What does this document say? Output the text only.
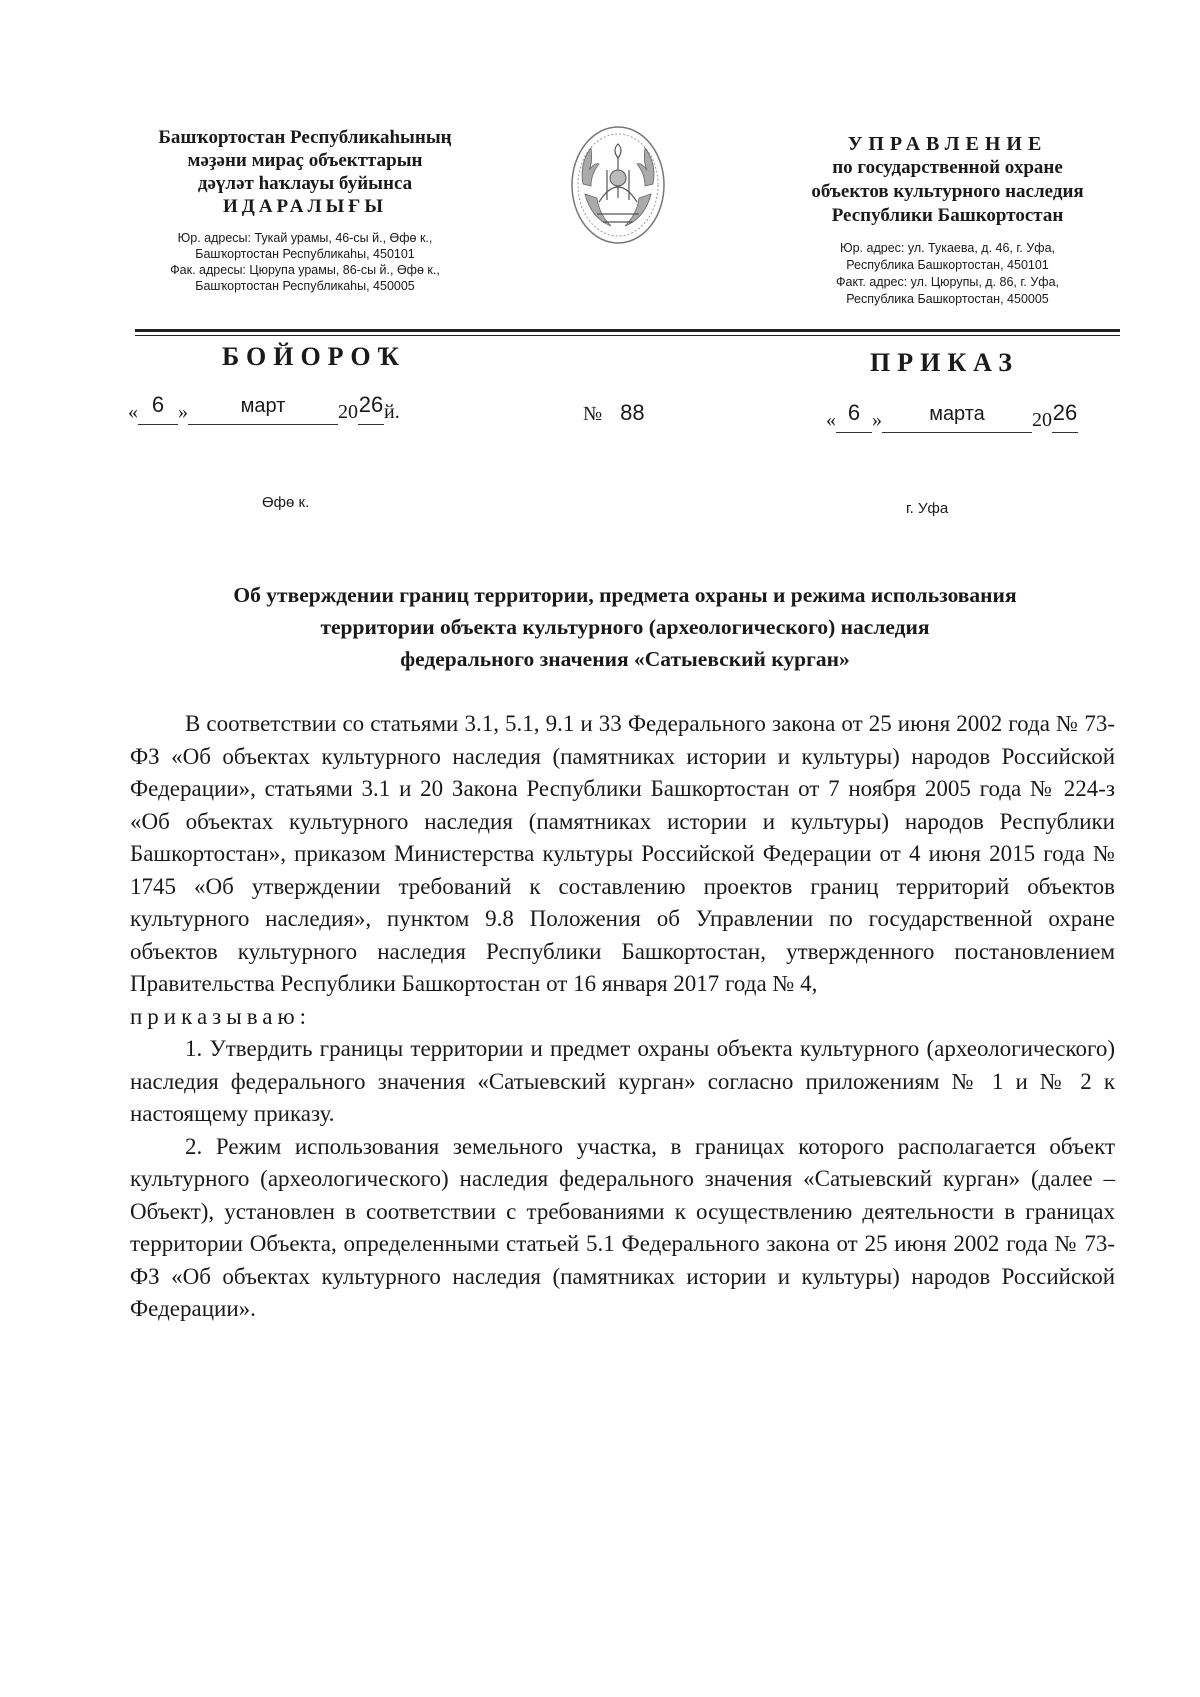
Башҡортостан Республикаһының
мәҙәни мираҫ объекттарын
дәүләт һаҡлауы буйынса
ИДАРАЛЫҒЫ
Юр. адресы: Тукай урамы, 46-сы й., Өфө к.,
Башҡортостан Республикаһы, 450101
Фак. адресы: Цюрупа урамы, 86-сы й., Өфө к.,
Башҡортостан Республикаһы, 450005
УПРАВЛЕНИЕ
по государственной охране
объектов культурного наследия
Республики Башкортостан
Юр. адрес: ул. Тукаева, д. 46, г. Уфа,
Республика Башкортостан, 450101
Факт. адрес: ул. Цюрупы, д. 86, г. Уфа,
Республика Башкортостан, 450005
БОЙОРОҠ	ПРИКАЗ
« 6 »	март	2026й.	№ 88	« 6 » марта 2026
Өфө к.	г. Уфа
Об утверждении границ территории, предмета охраны и режима использования
территории объекта культурного (археологического) наследия
федерального значения «Сатыевский курган»

В соответствии со статьями 3.1, 5.1, 9.1 и 33 Федерального закона от 25 июня 2002 года № 73-ФЗ «Об объектах культурного наследия (памятниках истории и культуры) народов Российской Федерации», статьями 3.1 и 20 Закона Республики Башкортостан от 7 ноября 2005 года № 224-з «Об объектах культурного наследия (памятниках истории и культуры) народов Республики Башкортостан», приказом Министерства культуры Российской Федерации от 4 июня 2015 года № 1745 «Об утверждении требований к составлению проектов границ территорий объектов культурного наследия», пунктом 9.8 Положения об Управлении по государственной охране объектов культурного наследия Республики Башкортостан, утвержденного постановлением Правительства Республики Башкортостан от 16 января 2017 года № 4,

приказываю:

1. Утвердить границы территории и предмет охраны объекта культурного (археологического) наследия федерального значения «Сатыевский курган» согласно приложениям № 1 и № 2 к настоящему приказу.

2. Режим использования земельного участка, в границах которого располагается объект культурного (археологического) наследия федерального значения «Сатыевский курган» (далее – Объект), установлен в соответствии с требованиями к осуществлению деятельности в границах территории Объекта, определенными статьей 5.1 Федерального закона от 25 июня 2002 года № 73-ФЗ «Об объектах культурного наследия (памятниках истории и культуры) народов Российской Федерации».
